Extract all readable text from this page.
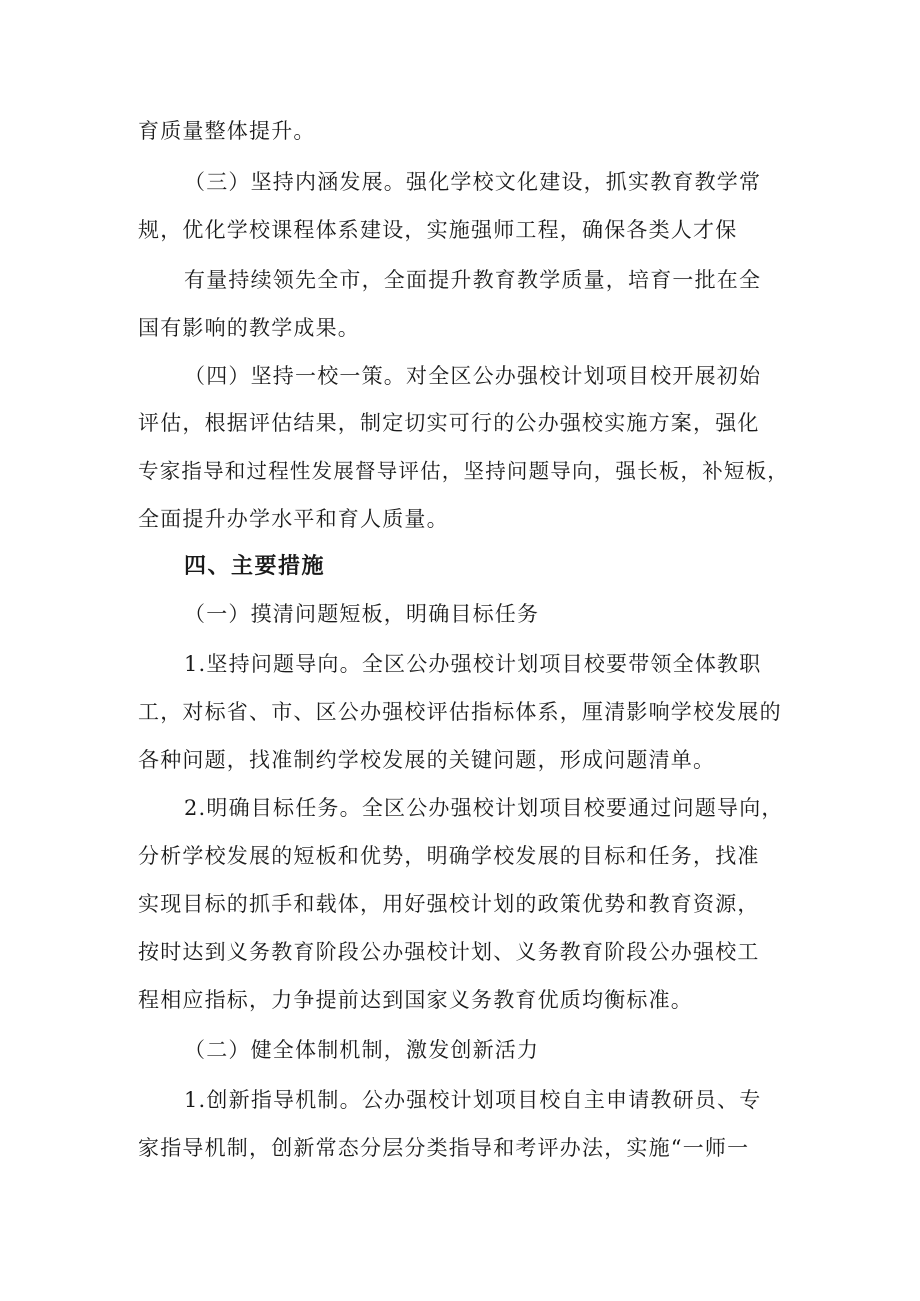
育质量整体提升。
（三）坚持内涵发展。强化学校文化建设，抓实教育教学常
规，优化学校课程体系建设，实施强师工程，确保各类人才保
有量持续领先全市，全面提升教育教学质量，培育一批在全
国有影响的教学成果。
（四）坚持一校一策。对全区公办强校计划项目校开展初始
评估，根据评估结果，制定切实可行的公办强校实施方案，强化
专家指导和过程性发展督导评估，坚持问题导向，强长板，补短板，
全面提升办学水平和育人质量。
四、主要措施
（一）摸清问题短板，明确目标任务
1.坚持问题导向。全区公办强校计划项目校要带领全体教职
工，对标省、市、区公办强校评估指标体系，厘清影响学校发展的
各种问题，找准制约学校发展的关键问题，形成问题清单。
2.明确目标任务。全区公办强校计划项目校要通过问题导向，
分析学校发展的短板和优势，明确学校发展的目标和任务，找准
实现目标的抓手和载体，用好强校计划的政策优势和教育资源，
按时达到义务教育阶段公办强校计划、义务教育阶段公办强校工
程相应指标，力争提前达到国家义务教育优质均衡标准。
（二）健全体制机制，激发创新活力
1.创新指导机制。公办强校计划项目校自主申请教研员、专
家指导机制，创新常态分层分类指导和考评办法，实施“一师一
